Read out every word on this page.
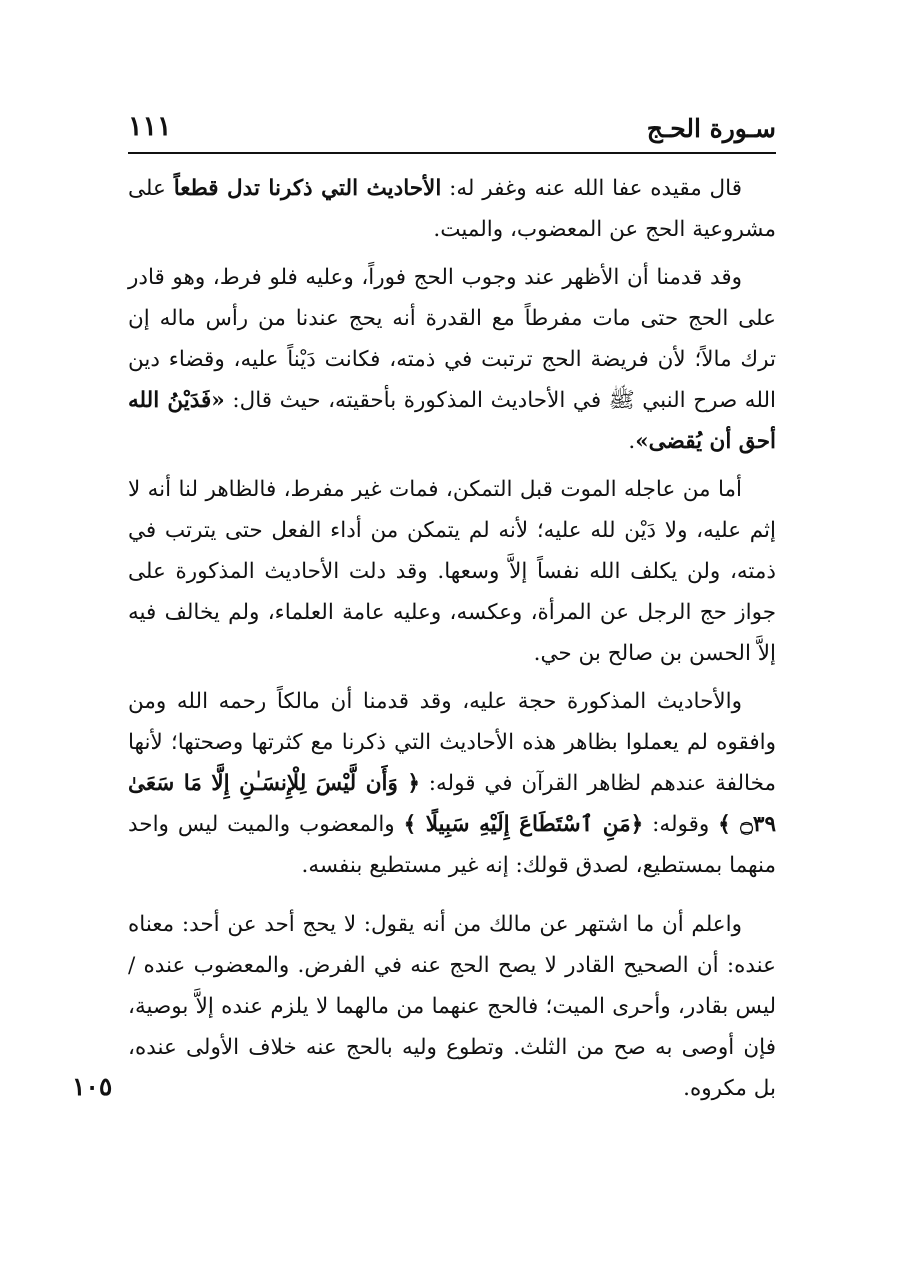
سـورة الحـج
١١١

قال مقيده عفا الله عنه وغفر له: الأحاديث التي ذكرنا تدل قطعاً على مشروعية الحج عن المعضوب، والميت.

وقد قدمنا أن الأظهر عند وجوب الحج فوراً، وعليه فلو فرط، وهو قادر على الحج حتى مات مفرطاً مع القدرة أنه يحج عندنا من رأس ماله إن ترك مالاً؛ لأن فريضة الحج ترتبت في ذمته، فكانت دَيْناً عليه، وقضاء دين الله صرح النبي ﷺ في الأحاديث المذكورة بأحقيته، حيث قال: «فَدَيْنُ الله أحق أن يُقضى».

أما من عاجله الموت قبل التمكن، فمات غير مفرط، فالظاهر لنا أنه لا إثم عليه، ولا دَيْن لله عليه؛ لأنه لم يتمكن من أداء الفعل حتى يترتب في ذمته، ولن يكلف الله نفساً إلاَّ وسعها. وقد دلت الأحاديث المذكورة على جواز حج الرجل عن المرأة، وعكسه، وعليه عامة العلماء، ولم يخالف فيه إلاَّ الحسن بن صالح بن حي.

والأحاديث المذكورة حجة عليه، وقد قدمنا أن مالكاً رحمه الله ومن وافقوه لم يعملوا بظاهر هذه الأحاديث التي ذكرنا مع كثرتها وصحتها؛ لأنها مخالفة عندهم لظاهر القرآن في قوله: ﴿ وَأَن لَّيْسَ لِلْإِنسَـٰنِ إِلَّا مَا سَعَىٰ ۝٣٩ ﴾ وقوله: ﴿مَنِ ٱسْتَطَاعَ إِلَيْهِ سَبِيلًا ﴾ والمعضوب والميت ليس واحد منهما بمستطيع، لصدق قولك: إنه غير مستطيع بنفسه.

واعلم أن ما اشتهر عن مالك من أنه يقول: لا يحج أحد عن أحد: معناه عنده: أن الصحيح القادر لا يصح الحج عنه في الفرض. والمعضوب عنده /ليس بقادر، وأحرى الميت؛ فالحج عنهما من مالهما لا يلزم عنده إلاَّ بوصية، فإن أوصى به صح من الثلث. وتطوع وليه بالحج عنه خلاف الأولى عنده، بل مكروه.

١٠٥
